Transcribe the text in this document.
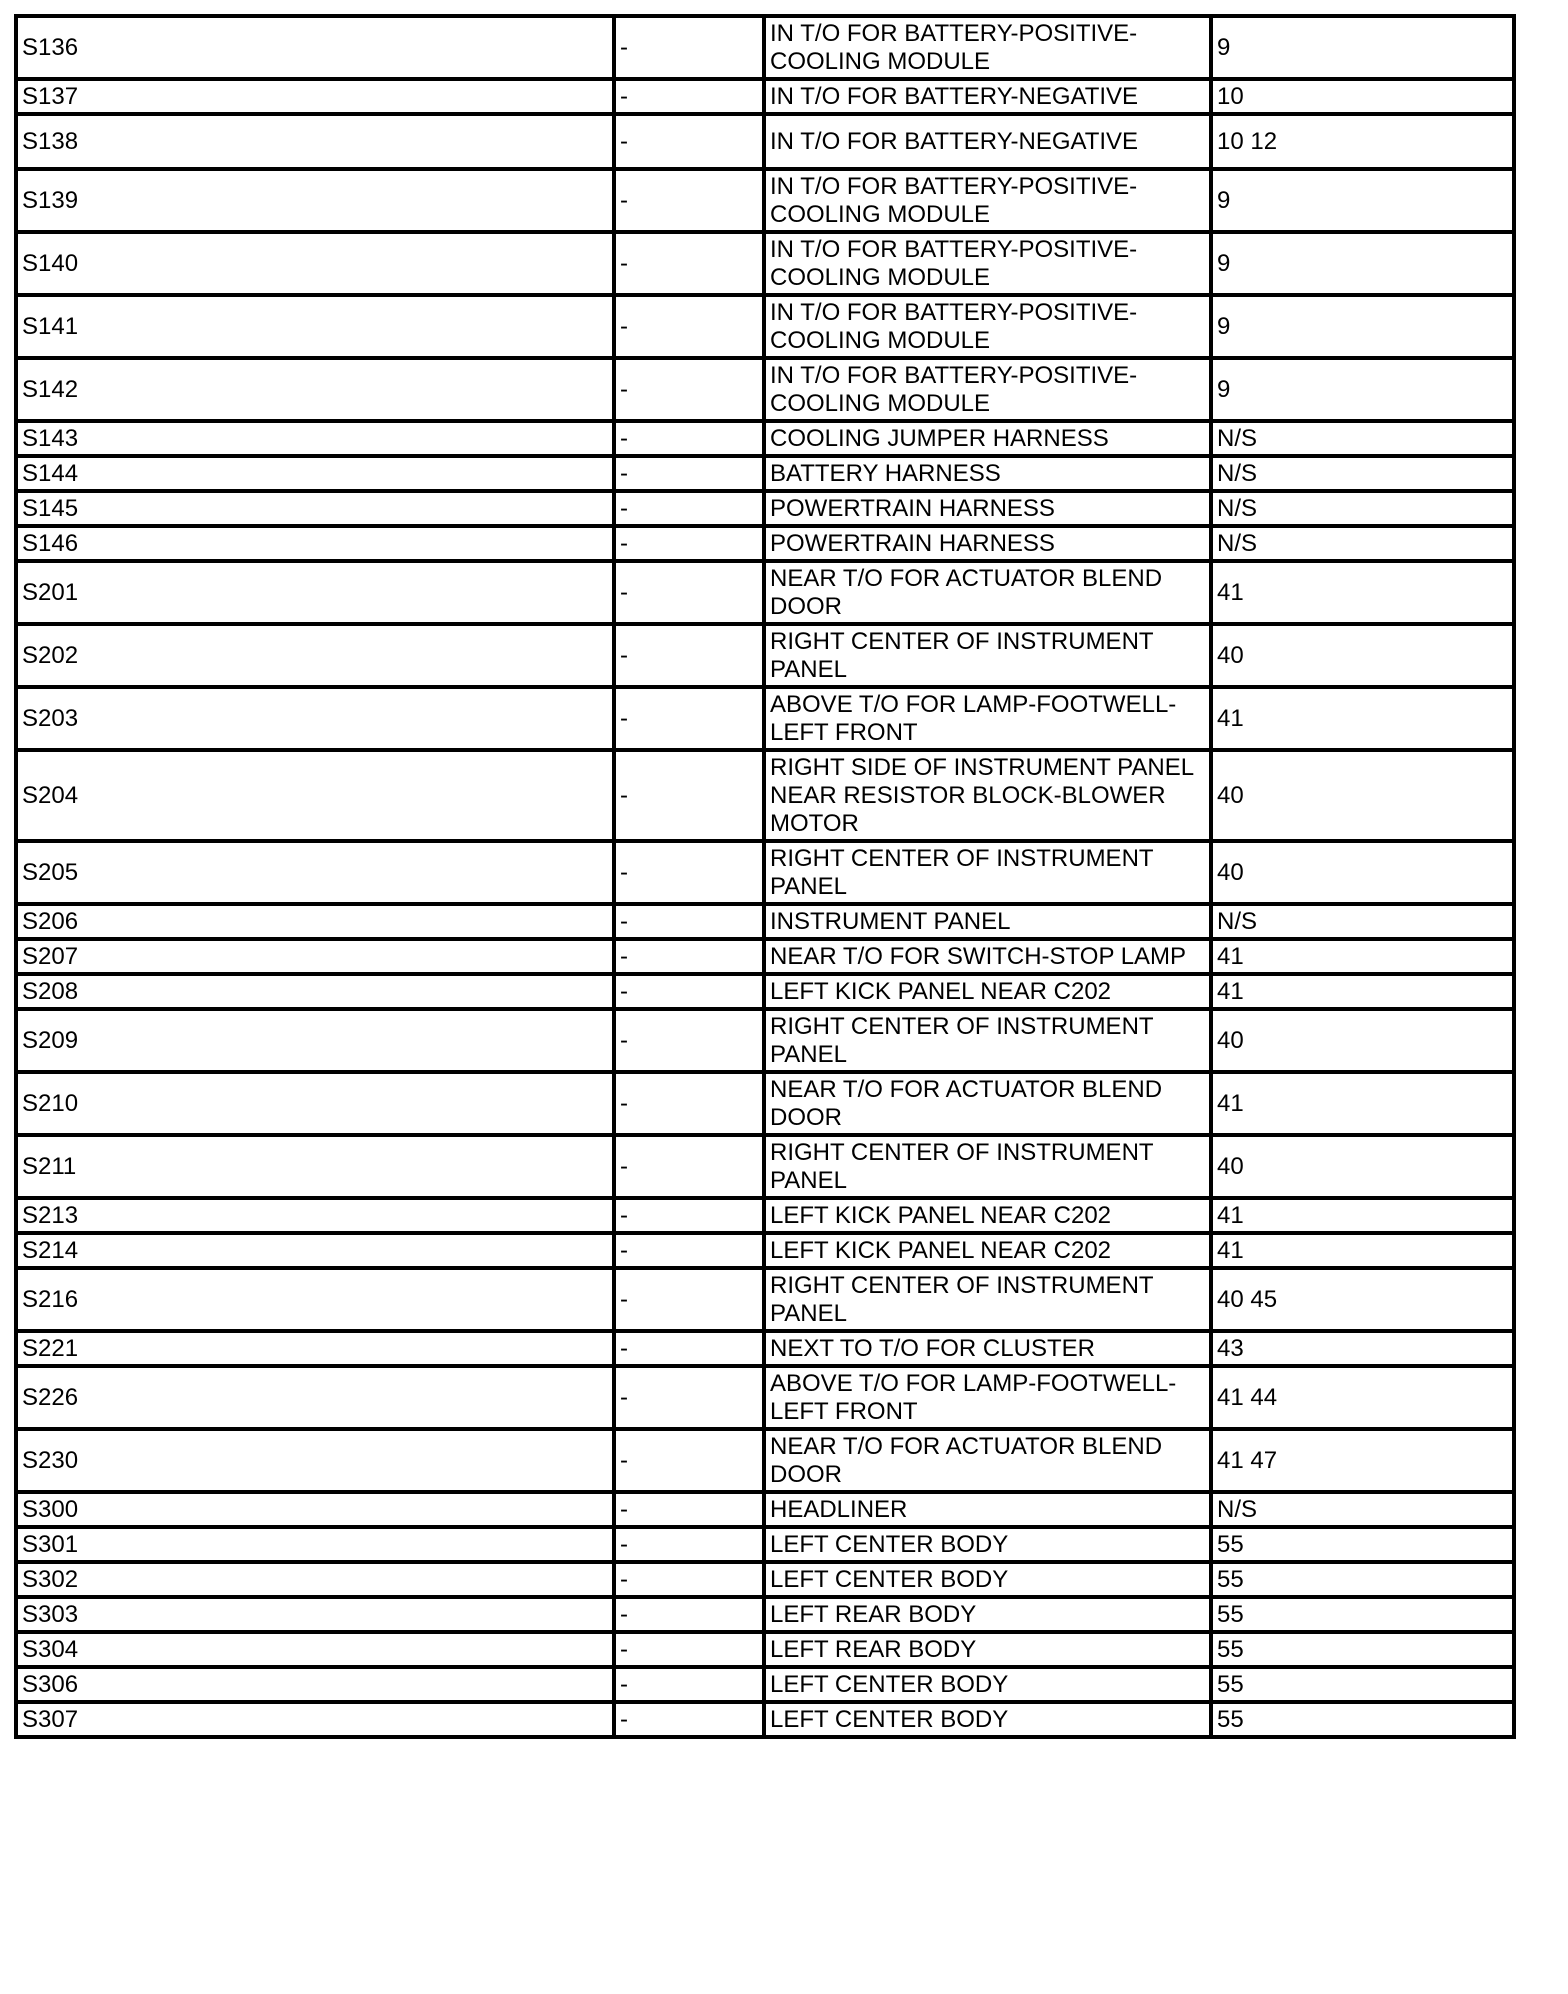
S136	-	IN T/O FOR BATTERY-POSITIVE-COOLING MODULE	9
S137	-	IN T/O FOR BATTERY-NEGATIVE	10
S138	-	IN T/O FOR BATTERY-NEGATIVE	10 12
S139	-	IN T/O FOR BATTERY-POSITIVE-COOLING MODULE	9
S140	-	IN T/O FOR BATTERY-POSITIVE-COOLING MODULE	9
S141	-	IN T/O FOR BATTERY-POSITIVE-COOLING MODULE	9
S142	-	IN T/O FOR BATTERY-POSITIVE-COOLING MODULE	9
S143	-	COOLING JUMPER HARNESS	N/S
S144	-	BATTERY HARNESS	N/S
S145	-	POWERTRAIN HARNESS	N/S
S146	-	POWERTRAIN HARNESS	N/S
S201	-	NEAR T/O FOR ACTUATOR BLEND DOOR	41
S202	-	RIGHT CENTER OF INSTRUMENT PANEL	40
S203	-	ABOVE T/O FOR LAMP-FOOTWELL-LEFT FRONT	41
S204	-	RIGHT SIDE OF INSTRUMENT PANEL NEAR RESISTOR BLOCK-BLOWER MOTOR	40
S205	-	RIGHT CENTER OF INSTRUMENT PANEL	40
S206	-	INSTRUMENT PANEL	N/S
S207	-	NEAR T/O FOR SWITCH-STOP LAMP	41
S208	-	LEFT KICK PANEL NEAR C202	41
S209	-	RIGHT CENTER OF INSTRUMENT PANEL	40
S210	-	NEAR T/O FOR ACTUATOR BLEND DOOR	41
S211	-	RIGHT CENTER OF INSTRUMENT PANEL	40
S213	-	LEFT KICK PANEL NEAR C202	41
S214	-	LEFT KICK PANEL NEAR C202	41
S216	-	RIGHT CENTER OF INSTRUMENT PANEL	40 45
S221	-	NEXT TO T/O FOR CLUSTER	43
S226	-	ABOVE T/O FOR LAMP-FOOTWELL-LEFT FRONT	41 44
S230	-	NEAR T/O FOR ACTUATOR BLEND DOOR	41 47
S300	-	HEADLINER	N/S
S301	-	LEFT CENTER BODY	55
S302	-	LEFT CENTER BODY	55
S303	-	LEFT REAR BODY	55
S304	-	LEFT REAR BODY	55
S306	-	LEFT CENTER BODY	55
S307	-	LEFT CENTER BODY	55
